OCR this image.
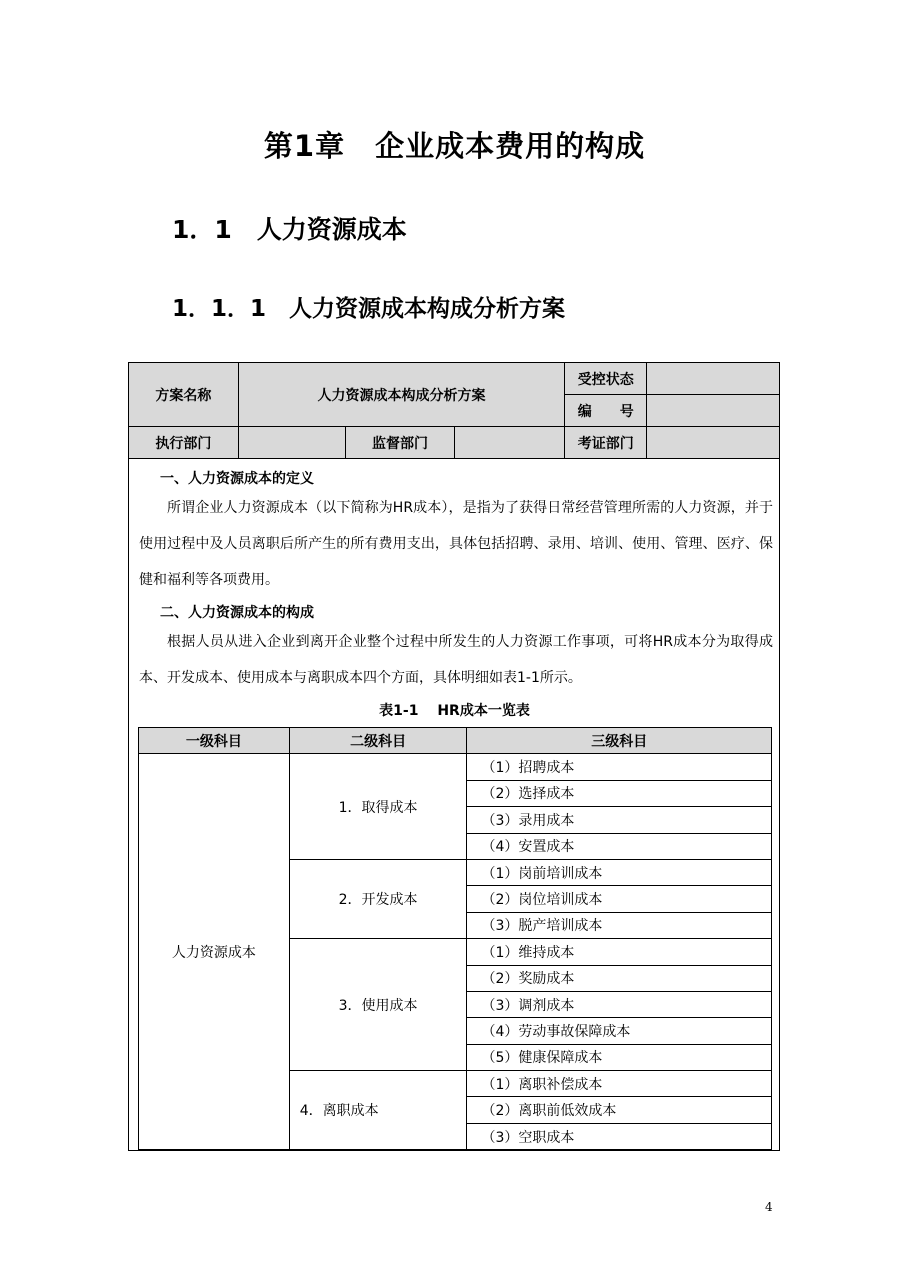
第1章　企业成本费用的构成
1．1　人力资源成本
1．1．1　人力资源成本构成分析方案
方案名称	人力资源成本构成分析方案			受控状态	
				编　　号	
执行部门		监督部门		考证部门	
一、人力资源成本的定义
所谓企业人力资源成本（以下简称为HR成本），是指为了获得日常经营管理所需的人力资源，并于使用过程中及人员离职后所产生的所有费用支出，具体包括招聘、录用、培训、使用、管理、医疗、保健和福利等各项费用。
二、人力资源成本的构成
根据人员从进入企业到离开企业整个过程中所发生的人力资源工作事项，可将HR成本分为取得成本、开发成本、使用成本与离职成本四个方面，具体明细如表1-1所示。
表1-1　 HR成本一览表
一级科目	二级科目	三级科目
人力资源成本	1．取得成本	（1）招聘成本
		（2）选择成本
		（3）录用成本
		（4）安置成本
	2．开发成本	（1）岗前培训成本
		（2）岗位培训成本
		（3）脱产培训成本
	3．使用成本	（1）维持成本
		（2）奖励成本
		（3）调剂成本
		（4）劳动事故保障成本
		（5）健康保障成本
	4．离职成本	（1）离职补偿成本
		（2）离职前低效成本
		（3）空职成本
4
